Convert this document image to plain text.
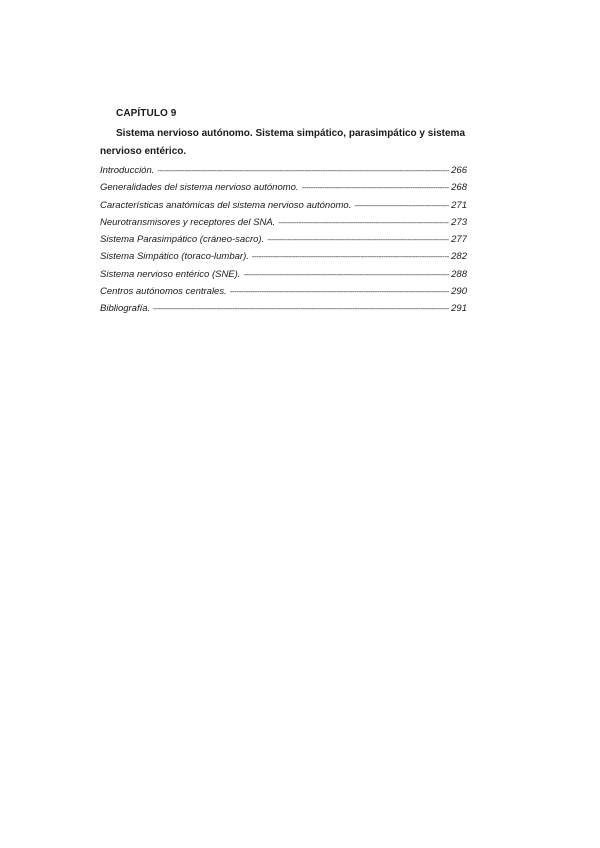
CAPÍTULO 9
Sistema nervioso autónomo. Sistema simpático, parasimpático y sistema nervioso entérico.
Introducción. -----	266
Generalidades del sistema nervioso autónomo. -----	268
Características anatómicas del sistema nervioso autónomo. -----	271
Neurotransmisores y receptores del SNA. -----	273
Sistema Parasimpático (cráneo-sacro). -----	277
Sistema Simpático (toraco-lumbar). -----	282
Sistema nervioso entérico (SNE). -----	288
Centros autónomos centrales. -----	290
Bibliografía. -----	291
